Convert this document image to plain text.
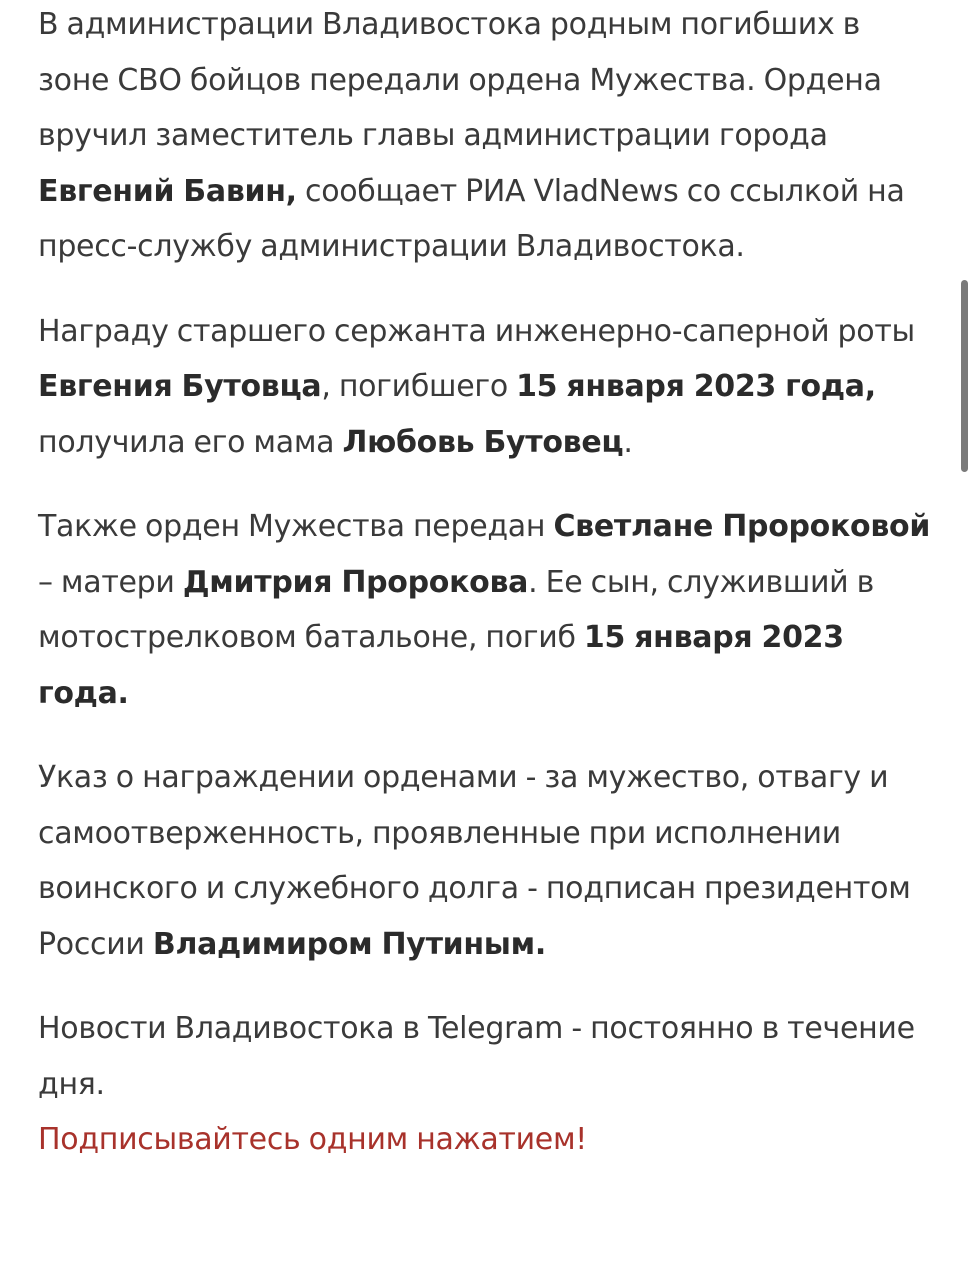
В администрации Владивостока родным погибших в зоне СВО бойцов передали ордена Мужества. Ордена вручил заместитель главы администрации города Евгений Бавин, сообщает РИА VladNews со ссылкой на пресс-службу администрации Владивостока.

Награду старшего сержанта инженерно-саперной роты Евгения Бутовца, погибшего 15 января 2023 года, получила его мама Любовь Бутовец.

Также орден Мужества передан Светлане Пророковой – матери Дмитрия Пророкова. Ее сын, служивший в мотострелковом батальоне, погиб 15 января 2023 года.

Указ о награждении орденами - за мужество, отвагу и самоотверженность, проявленные при исполнении воинского и служебного долга - подписан президентом России Владимиром Путиным.

Новости Владивостока в Telegram - постоянно в течение дня.

Подписывайтесь одним нажатием!
